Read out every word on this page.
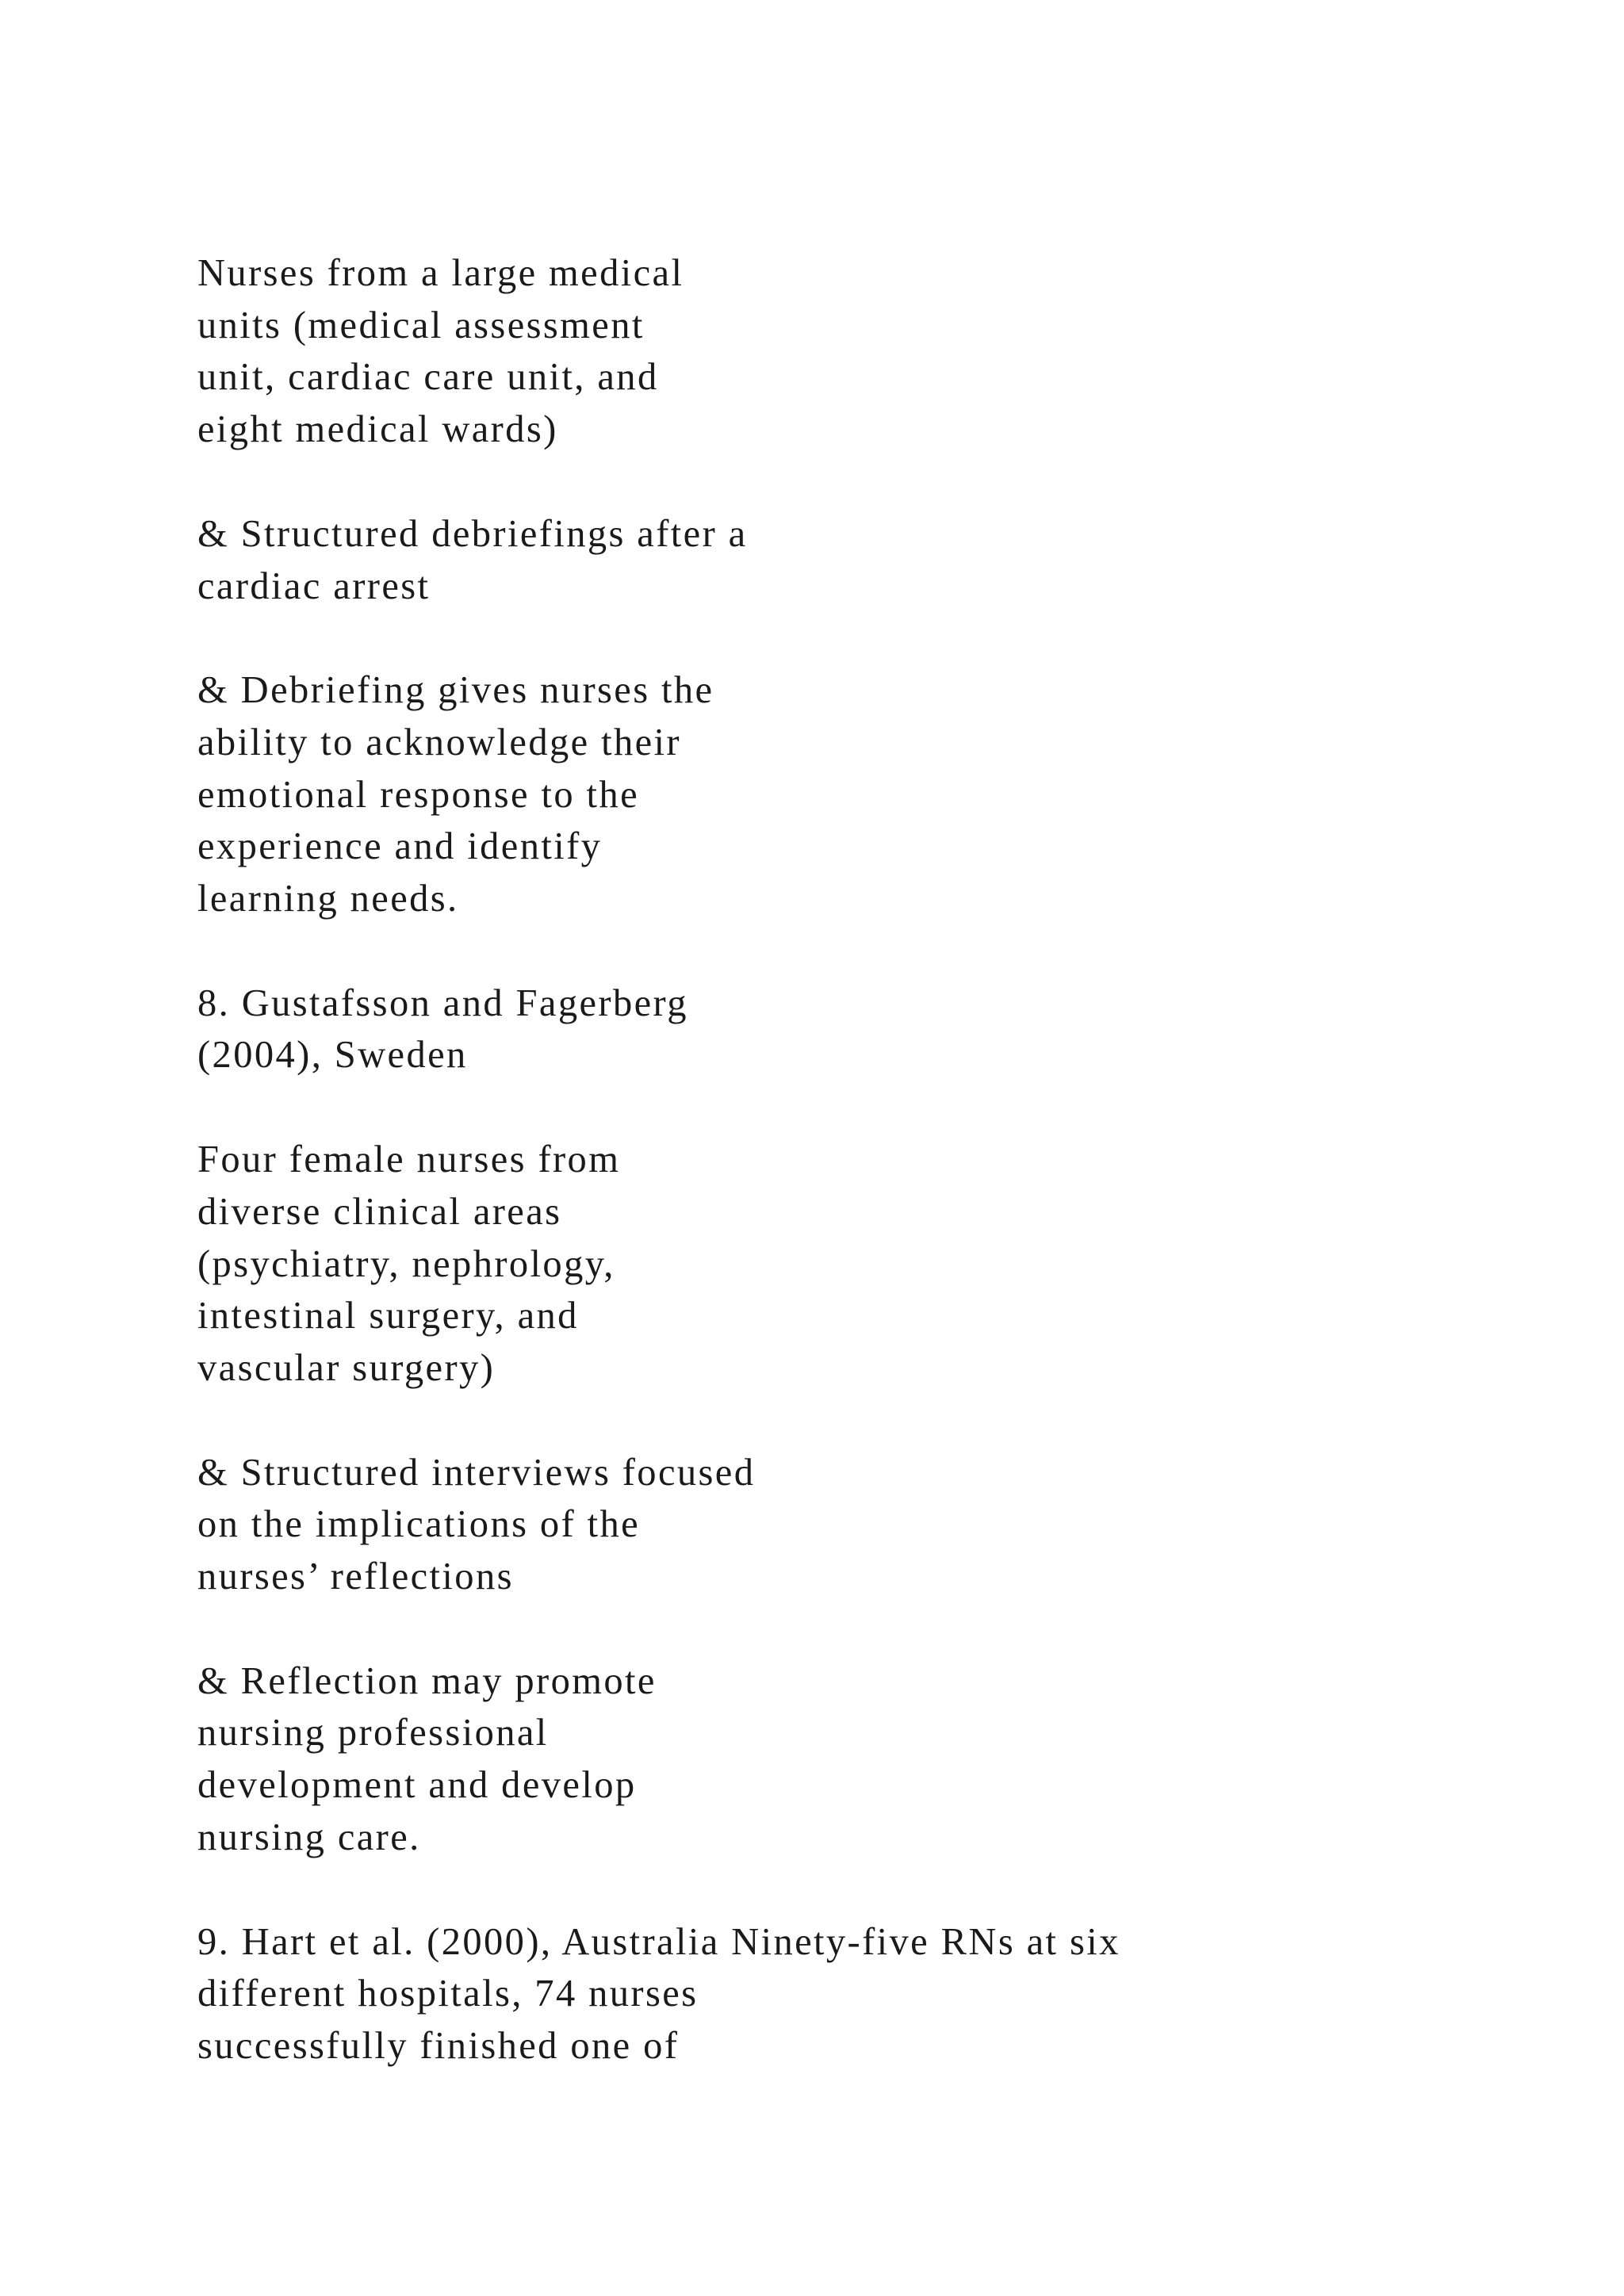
Nurses from a large medical
units (medical assessment
unit, cardiac care unit, and
eight medical wards)
& Structured debriefings after a
cardiac arrest
& Debriefing gives nurses the
ability to acknowledge their
emotional response to the
experience and identify
learning needs.
8. Gustafsson and Fagerberg
(2004), Sweden
Four female nurses from
diverse clinical areas
(psychiatry, nephrology,
intestinal surgery, and
vascular surgery)
& Structured interviews focused
on the implications of the
nurses’ reflections
& Reflection may promote
nursing professional
development and develop
nursing care.
9. Hart et al. (2000), Australia Ninety-five RNs at six
different hospitals, 74 nurses
successfully finished one of
